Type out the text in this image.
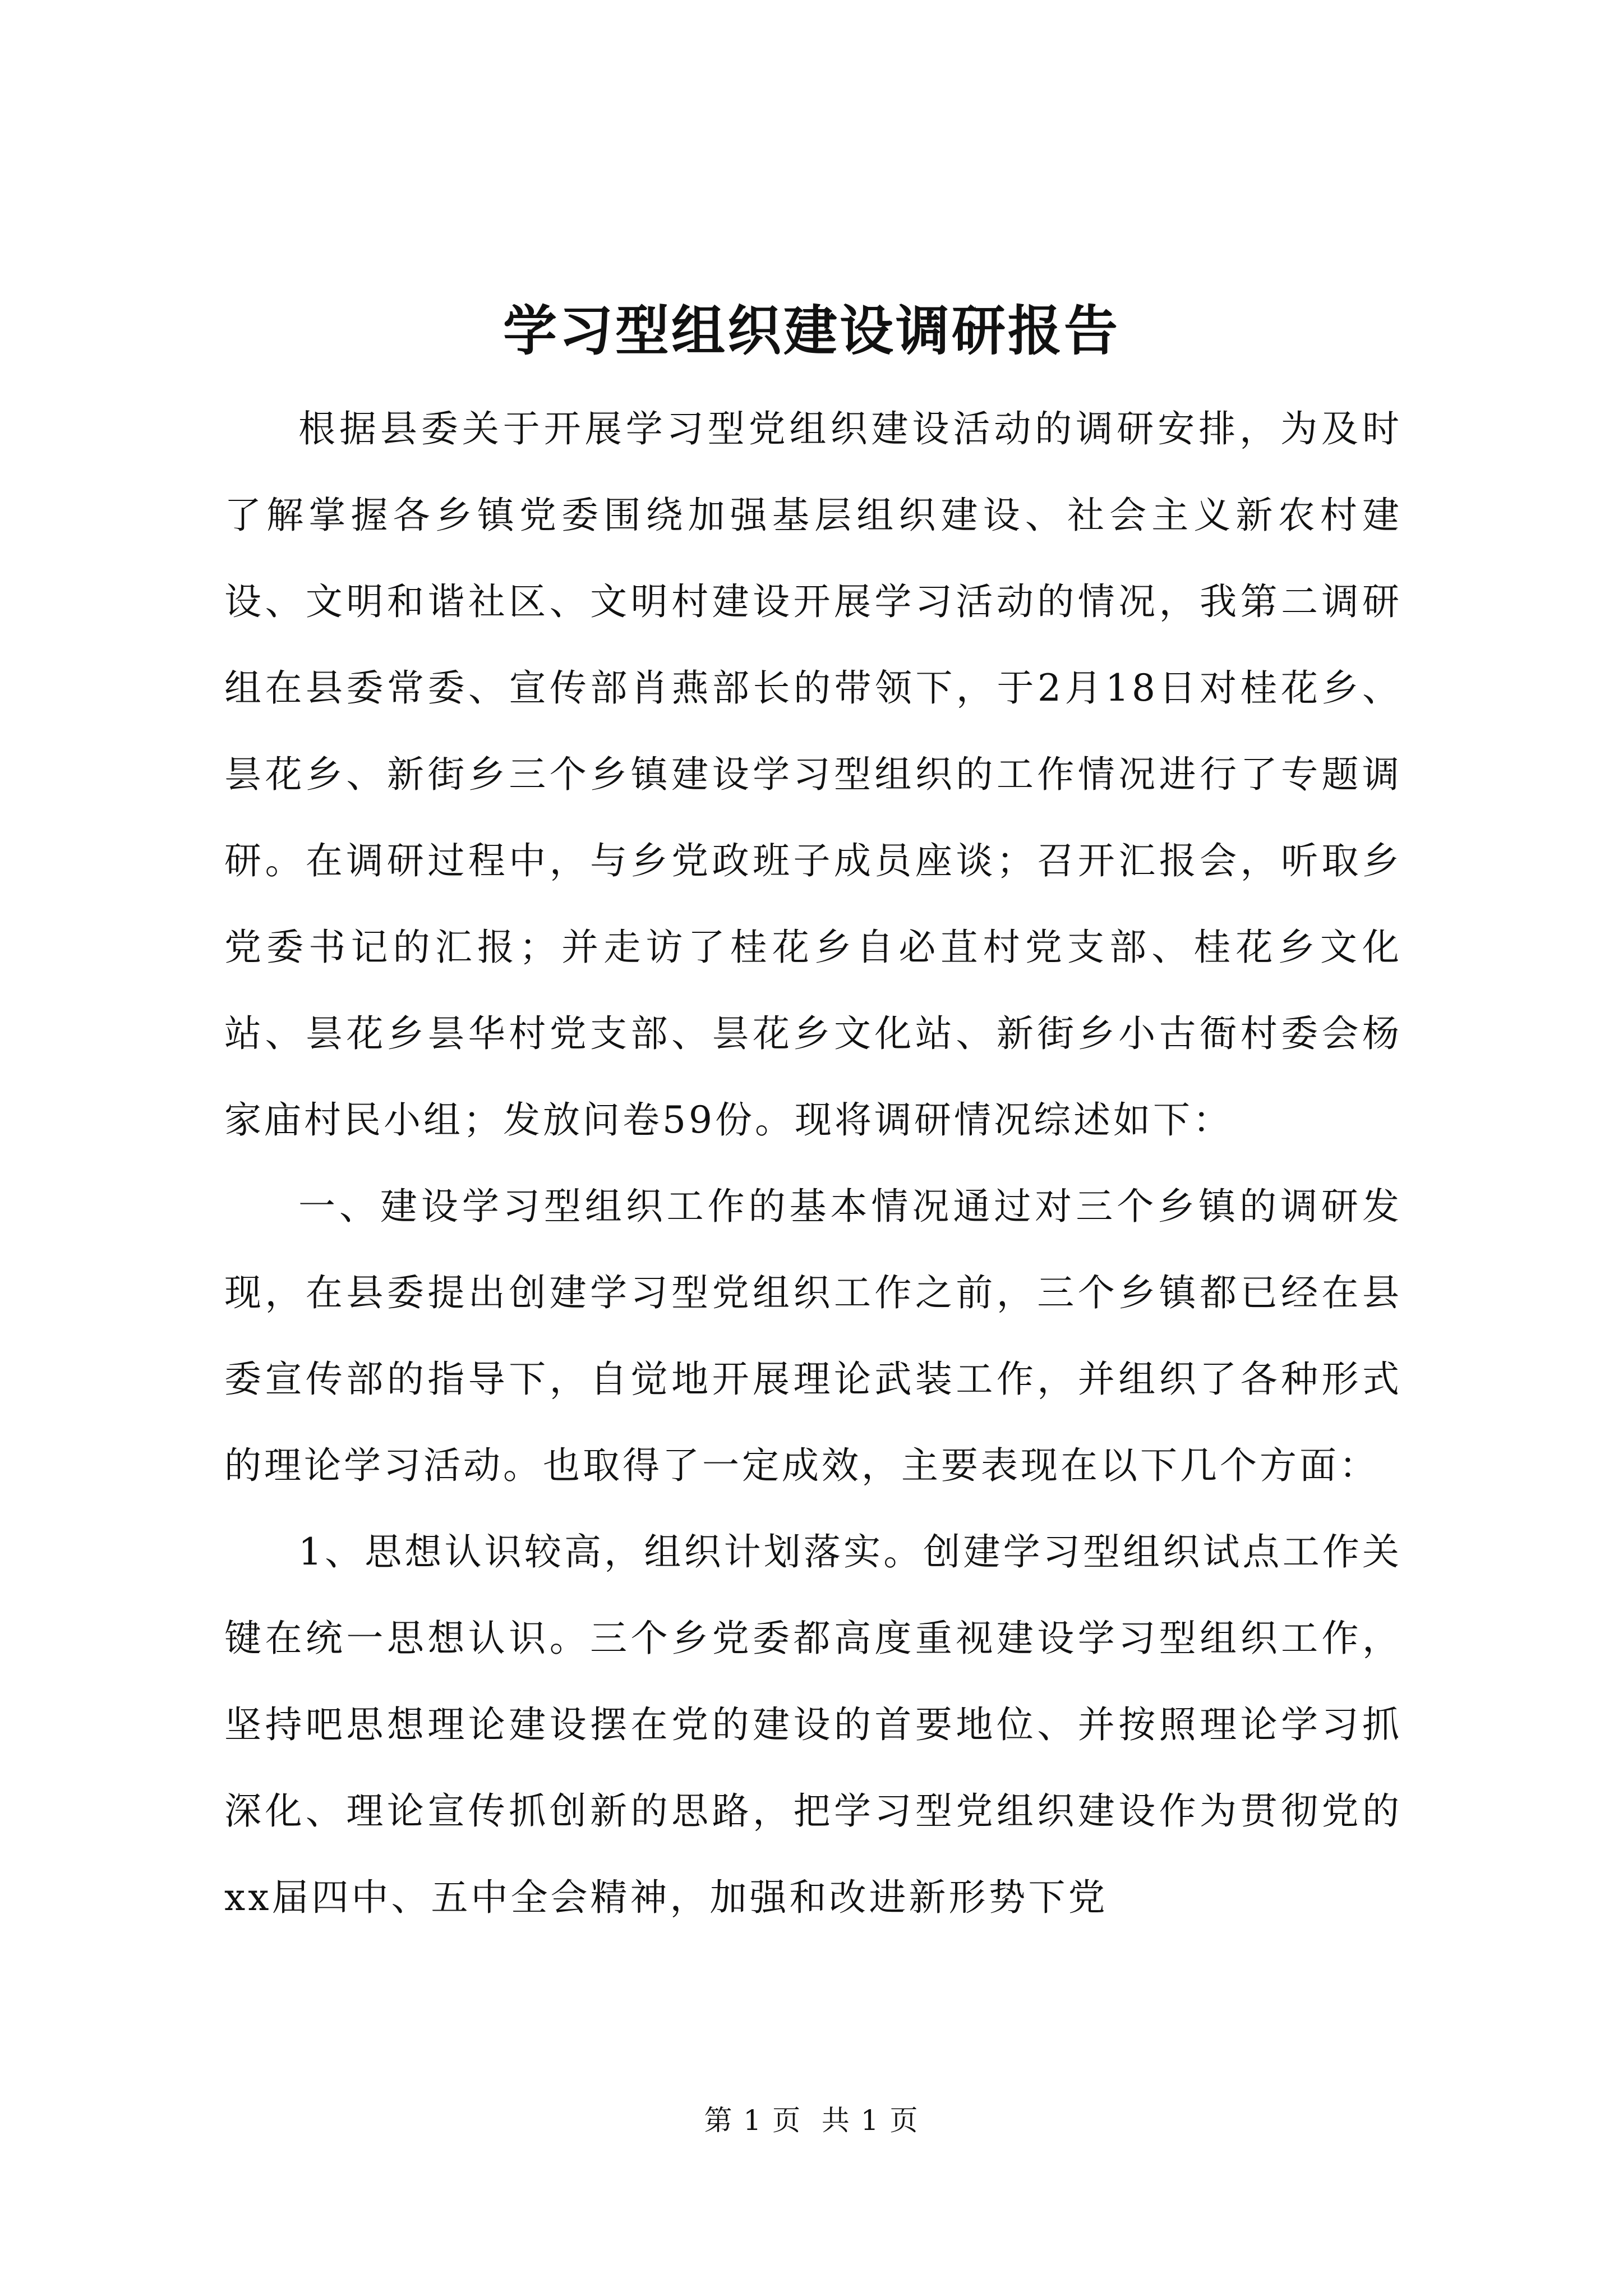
学习型组织建设调研报告

根据县委关于开展学习型党组织建设活动的调研安排，为及时了解掌握各乡镇党委围绕加强基层组织建设、社会主义新农村建设、文明和谐社区、文明村建设开展学习活动的情况，我第二调研组在县委常委、宣传部肖燕部长的带领下，于2月18日对桂花乡、昙花乡、新街乡三个乡镇建设学习型组织的工作情况进行了专题调研。在调研过程中，与乡党政班子成员座谈；召开汇报会，听取乡党委书记的汇报；并走访了桂花乡自必苴村党支部、桂花乡文化站、昙花乡昙华村党支部、昙花乡文化站、新街乡小古衙村委会杨家庙村民小组；发放问卷59份。现将调研情况综述如下：

一、建设学习型组织工作的基本情况通过对三个乡镇的调研发现，在县委提出创建学习型党组织工作之前，三个乡镇都已经在县委宣传部的指导下，自觉地开展理论武装工作，并组织了各种形式的理论学习活动。也取得了一定成效，主要表现在以下几个方面：

1、思想认识较高，组织计划落实。创建学习型组织试点工作关键在统一思想认识。三个乡党委都高度重视建设学习型组织工作，坚持吧思想理论建设摆在党的建设的首要地位、并按照理论学习抓深化、理论宣传抓创新的思路，把学习型党组织建设作为贯彻党的xx届四中、五中全会精神，加强和改进新形势下党

第 1 页  共 1 页
